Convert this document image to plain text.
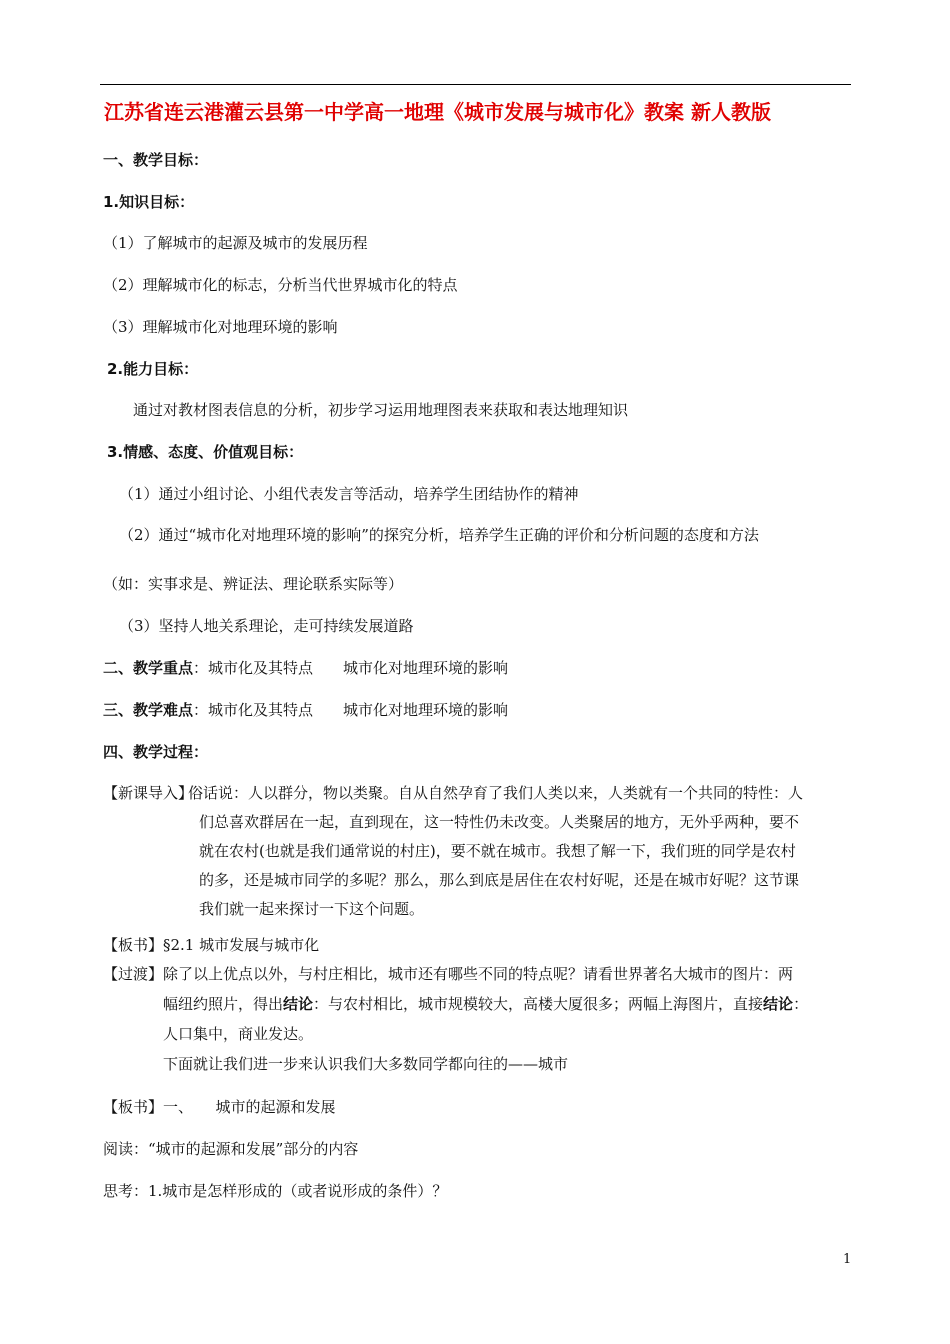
江苏省连云港灌云县第一中学高一地理《城市发展与城市化》教案 新人教版
一、教学目标：
1.知识目标：
（1）了解城市的起源及城市的发展历程
（2）理解城市化的标志，分析当代世界城市化的特点
（3）理解城市化对地理环境的影响
2.能力目标：
通过对教材图表信息的分析，初步学习运用地理图表来获取和表达地理知识
3.情感、态度、价值观目标：
（1）通过小组讨论、小组代表发言等活动，培养学生团结协作的精神
（2）通过“城市化对地理环境的影响”的探究分析，培养学生正确的评价和分析问题的态度和方法
（如：实事求是、辨证法、理论联系实际等）
（3）坚持人地关系理论，走可持续发展道路
二、教学重点：城市化及其特点　　城市化对地理环境的影响
三、教学难点：城市化及其特点　　城市化对地理环境的影响
四、教学过程：
【新课导入】
俗话说：人以群分，物以类聚。自从自然孕育了我们人类以来，人类就有一个共同的特性：人
们总喜欢群居在一起，直到现在，这一特性仍未改变。人类聚居的地方，无外乎两种，要不
就在农村(也就是我们通常说的村庄)，要不就在城市。我想了解一下，我们班的同学是农村
的多，还是城市同学的多呢？那么，那么到底是居住在农村好呢，还是在城市好呢？这节课
我们就一起来探讨一下这个问题。
【板书】§2.1 城市发展与城市化
【过渡】 除了以上优点以外，与村庄相比，城市还有哪些不同的特点呢？请看世界著名大城市的图片：两
幅纽约照片，得出结论：与农村相比，城市规模较大，高楼大厦很多；两幅上海图片，直接结论：
人口集中，商业发达。
下面就让我们进一步来认识我们大多数同学都向往的——城市
【板书】一、　　城市的起源和发展
阅读：“城市的起源和发展”部分的内容
思考：1.城市是怎样形成的（或者说形成的条件）？
1
